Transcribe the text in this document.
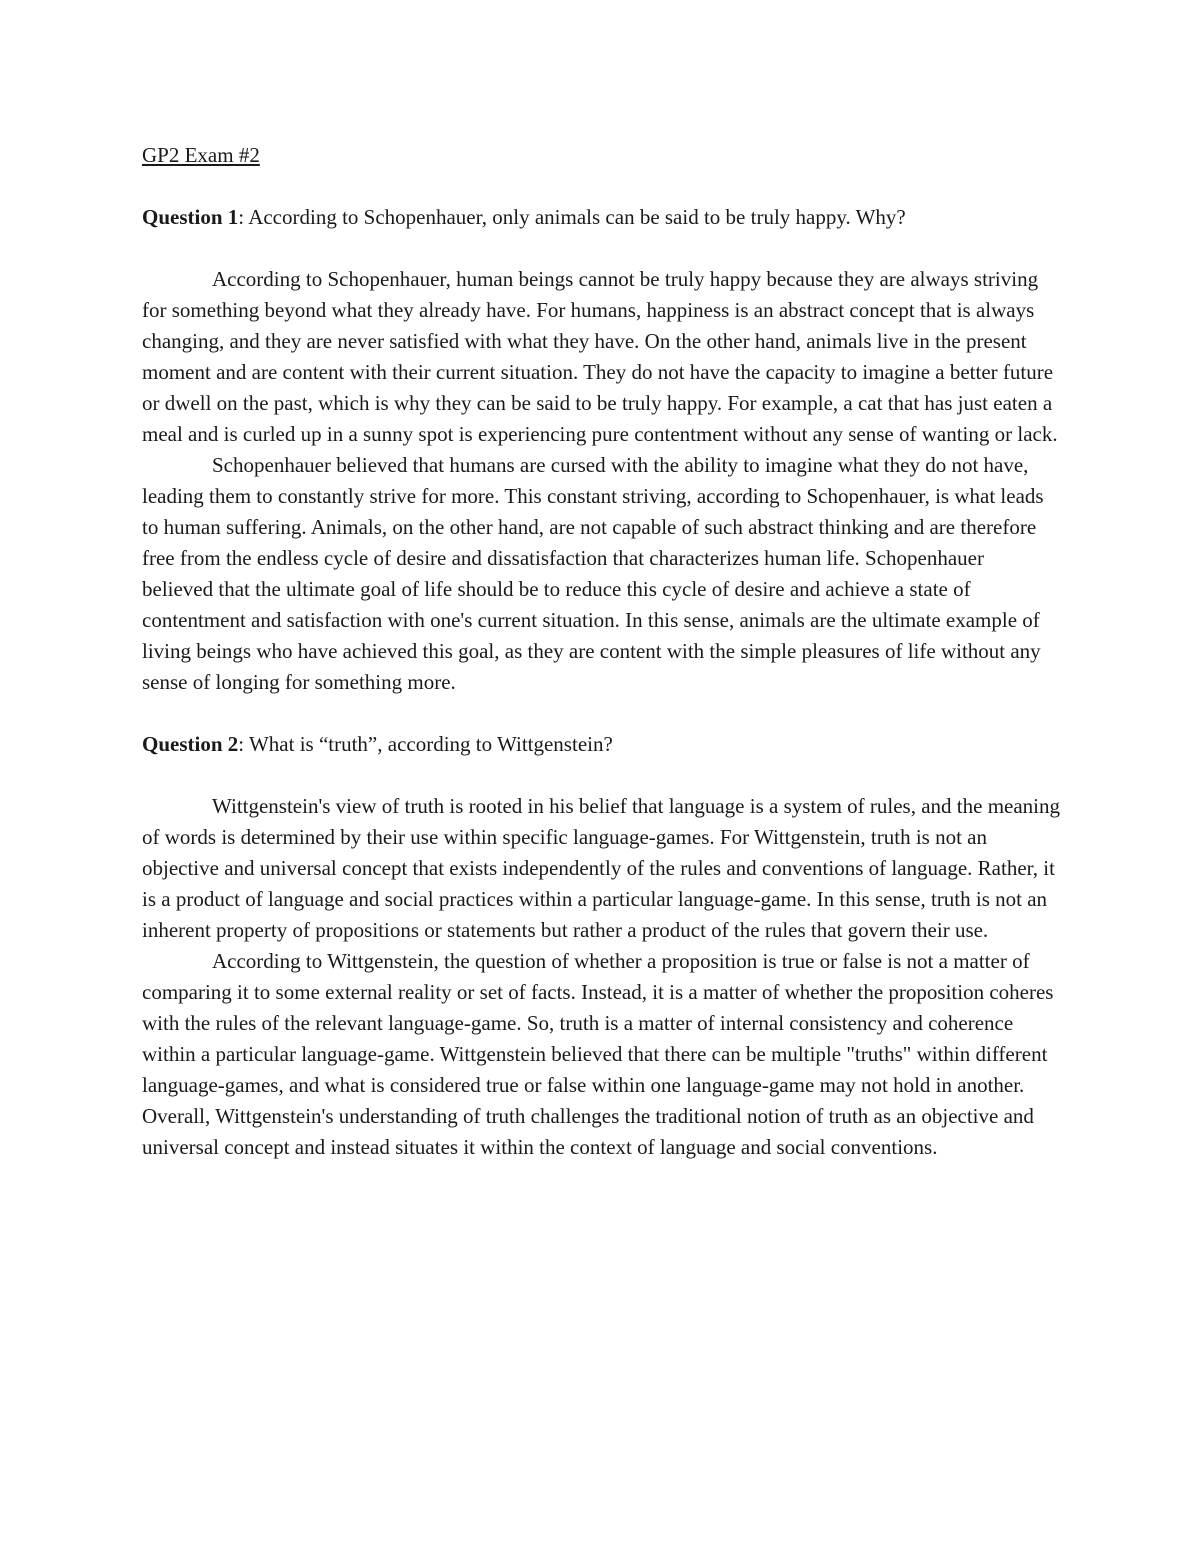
GP2 Exam #2
Question 1: According to Schopenhauer, only animals can be said to be truly happy. Why?

According to Schopenhauer, human beings cannot be truly happy because they are always striving for something beyond what they already have. For humans, happiness is an abstract concept that is always changing, and they are never satisfied with what they have. On the other hand, animals live in the present moment and are content with their current situation. They do not have the capacity to imagine a better future or dwell on the past, which is why they can be said to be truly happy. For example, a cat that has just eaten a meal and is curled up in a sunny spot is experiencing pure contentment without any sense of wanting or lack.

Schopenhauer believed that humans are cursed with the ability to imagine what they do not have, leading them to constantly strive for more. This constant striving, according to Schopenhauer, is what leads to human suffering. Animals, on the other hand, are not capable of such abstract thinking and are therefore free from the endless cycle of desire and dissatisfaction that characterizes human life. Schopenhauer believed that the ultimate goal of life should be to reduce this cycle of desire and achieve a state of contentment and satisfaction with one's current situation. In this sense, animals are the ultimate example of living beings who have achieved this goal, as they are content with the simple pleasures of life without any sense of longing for something more.

Question 2: What is “truth”, according to Wittgenstein?

Wittgenstein's view of truth is rooted in his belief that language is a system of rules, and the meaning of words is determined by their use within specific language-games. For Wittgenstein, truth is not an objective and universal concept that exists independently of the rules and conventions of language. Rather, it is a product of language and social practices within a particular language-game. In this sense, truth is not an inherent property of propositions or statements but rather a product of the rules that govern their use.

According to Wittgenstein, the question of whether a proposition is true or false is not a matter of comparing it to some external reality or set of facts. Instead, it is a matter of whether the proposition coheres with the rules of the relevant language-game. So, truth is a matter of internal consistency and coherence within a particular language-game. Wittgenstein believed that there can be multiple "truths" within different language-games, and what is considered true or false within one language-game may not hold in another. Overall, Wittgenstein's understanding of truth challenges the traditional notion of truth as an objective and universal concept and instead situates it within the context of language and social conventions.
